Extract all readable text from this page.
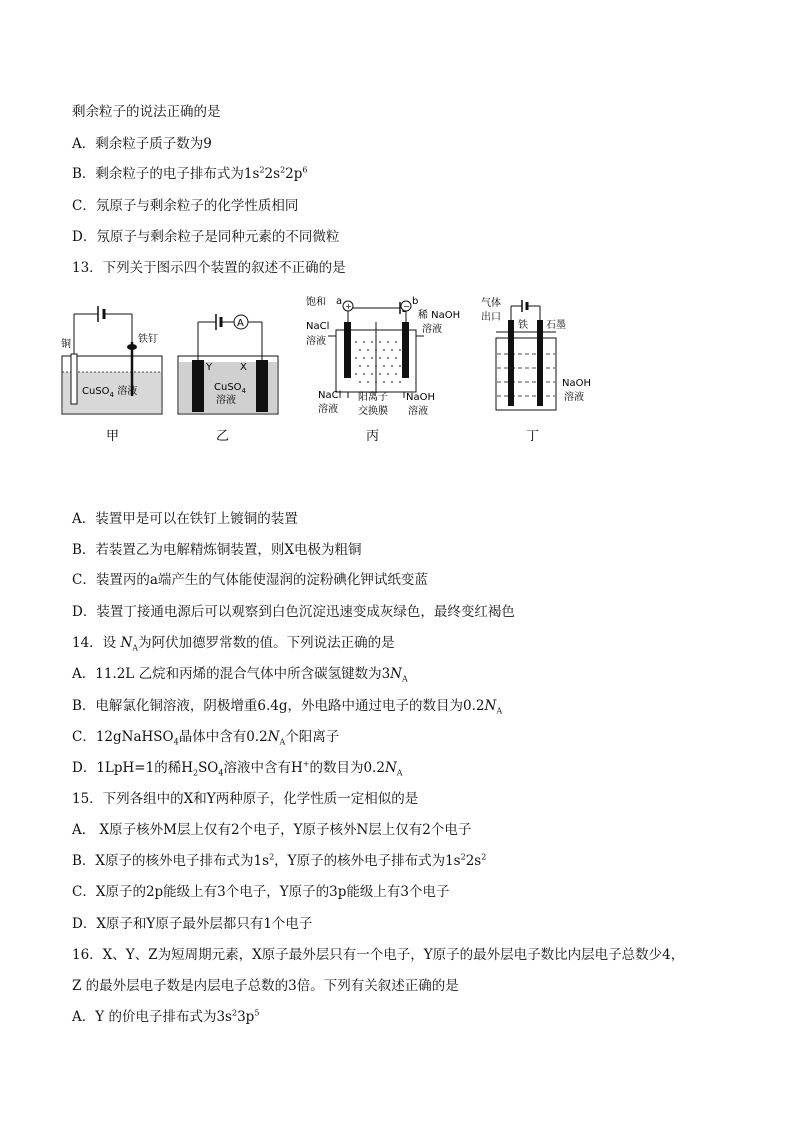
剩余粒子的说法正确的是
A．剩余粒子质子数为9
B．剩余粒子的电子排布式为$1s^22s^22p^6$
C．氖原子与剩余粒子的化学性质相同
D．氖原子与剩余粒子是同种元素的不同微粒
13．下列关于图示四个装置的叙述不正确的是
铜	铁钉
CuSO$_4$ 溶液
甲
A
Y	X
CuSO$_4$
溶液
乙
+	−
a	b
饱和
NaCl
溶液
稀 NaOH
溶液
NaCl
溶液
阳离子
交换膜
NaOH
溶液
丙
气体
出口
铁 石墨
NaOH
溶液
丁
A．装置甲是可以在铁钉上镀铜的装置
B．若装置乙为电解精炼铜装置，则X电极为粗铜
C．装置丙的a端产生的气体能使湿润的淀粉碘化钾试纸变蓝
D．装置丁接通电源后可以观察到白色沉淀迅速变成灰绿色，最终变红褐色
14．设 $N_A$为阿伏加德罗常数的值。下列说法正确的是
A．11.2L 乙烷和丙烯的混合气体中所含碳氢键数为$3N_A$
B．电解氯化铜溶液，阴极增重6.4g，外电路中通过电子的数目为$0.2N_A$
C．12gNaHSO$_4$晶体中含有$0.2N_A$个阳离子
D．1LpH=1的稀$H_2SO_4$溶液中含有H+的数目为$0.2N_A$
15．下列各组中的X和Y两种原子，化学性质一定相似的是
A． X原子核外M层上仅有2个电子，Y原子核外N层上仅有2个电子
B．X原子的核外电子排布式为$1s^2$，Y原子的核外电子排布式为$1s^22s^2$
C．X原子的2p能级上有3个电子，Y原子的3p能级上有3个电子
D．X原子和Y原子最外层都只有1个电子
16．X、Y、Z为短周期元素，X原子最外层只有一个电子，Y原子的最外层电子数比内层电子总数少4，
Z 的最外层电子数是内层电子总数的3倍。下列有关叙述正确的是
A．Y 的价电子排布式为$3s^23p^5$
